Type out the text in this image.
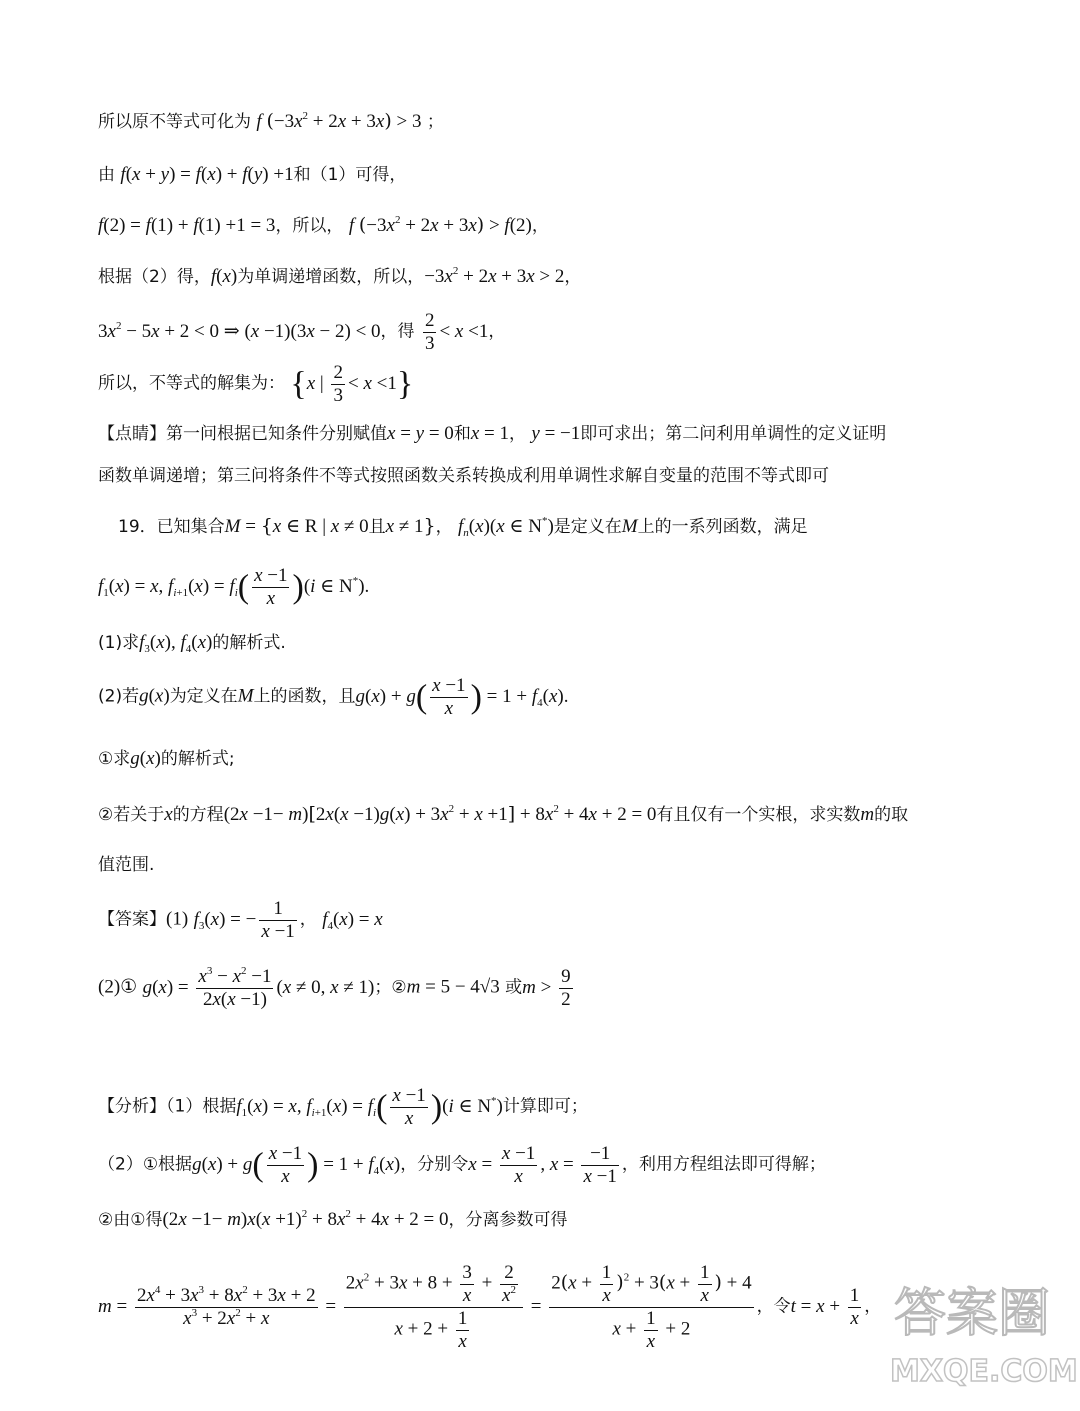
所以原不等式可化为 f $(-3x^2 + 2x + 3x) > 3$ ；
由 f(x + y) = f(x) + f(y) +1和（1）可得，
f(2) = f(1) + f(1) +1 = 3，所以， f $(-3x^2 + 2x + 3x) > f(2)$，
根据（2）得，f(x)为单调递增函数，所以，$-3x^2 + 2x + 3x > 2$，
$3x^2 - 5x + 2 < 0$ ⇒ (x −1)(3x − 2) < 0，得 $\frac{2}{3} < x <1$，
所以，不等式的解集为： {x | $\frac{2}{3} < x <1$}
【点睛】第一问根据已知条件分别赋值x = y = 0和x = 1， y = −1即可求出；第二问利用单调性的定义证明
函数单调递增；第三问将条件不等式按照函数关系转换成利用单调性求解自变量的范围不等式即可
19．已知集合M = {x ∈ R | x ≠ 0且x ≠ 1}， $f_n(x)(x$ ∈ N*)是定义在M上的一系列函数，满足
$f_1(x) = x$, $f_{i+1}(x) = f_i( \frac{x -1}{x} )(i$ ∈ N*).
(1)求$f_3(x)$, $f_4(x)$的解析式.
(2)若g(x)为定义在M上的函数，且$g(x) + g( \frac{x -1}{x}$ ) = $1 + f_4(x)$.
①求g(x)的解析式;
②若关于x的方程$(2x -1- m)[2x(x -1)g(x) + 3x^2 + x +1] + 8x^2 + 4x + 2 = 0$有且仅有一个实根，求实数m的取
值范围.
【答案】(1) $f_3(x)$ = − $\frac{1}{x -1}$ ， $f_4(x) = x$
(2)① $g(x) = \frac{x^3 - x^2 -1}{2x(x -1)} (x \ne 0$, x ≠ 1)；②m = 5 − 4√3 或$m > \frac{9}{2}$
【分析】（1）根据$f_1(x) = x$, $f_{i+1}(x) = f_i( \frac{x -1}{x} )(i$ ∈ N*)计算即可；
（2）①根据$g(x) + g( \frac{x -1}{x}$ ) = $1 + f_4(x)$，分别令$x = \frac{x -1}{x}$ , $x = \frac{-1}{x -1}$ ，利用方程组法即可得解；
②由①得$(2x -1- m)x(x +1)^2 + 8x^2 + 4x + 2 = 0$，分离参数可得
$m = \frac{2x^4 + 3x^3 + 8x^2 + 3x + 2}{x^3 + 2x^2 + x} = \frac{2x^2 + 3x + 8 + \frac{3}{x} + \frac{2}{x^2}}{x + 2 + \frac{1}{x}} = \frac{2(x + \frac{1}{x} )^2 + 3(x + \frac{1}{x} ) + 4}{x + \frac{1}{x} + 2}$ ，令$t = x + \frac{1}{x}$ ， 答案圈
MXQE.COM
